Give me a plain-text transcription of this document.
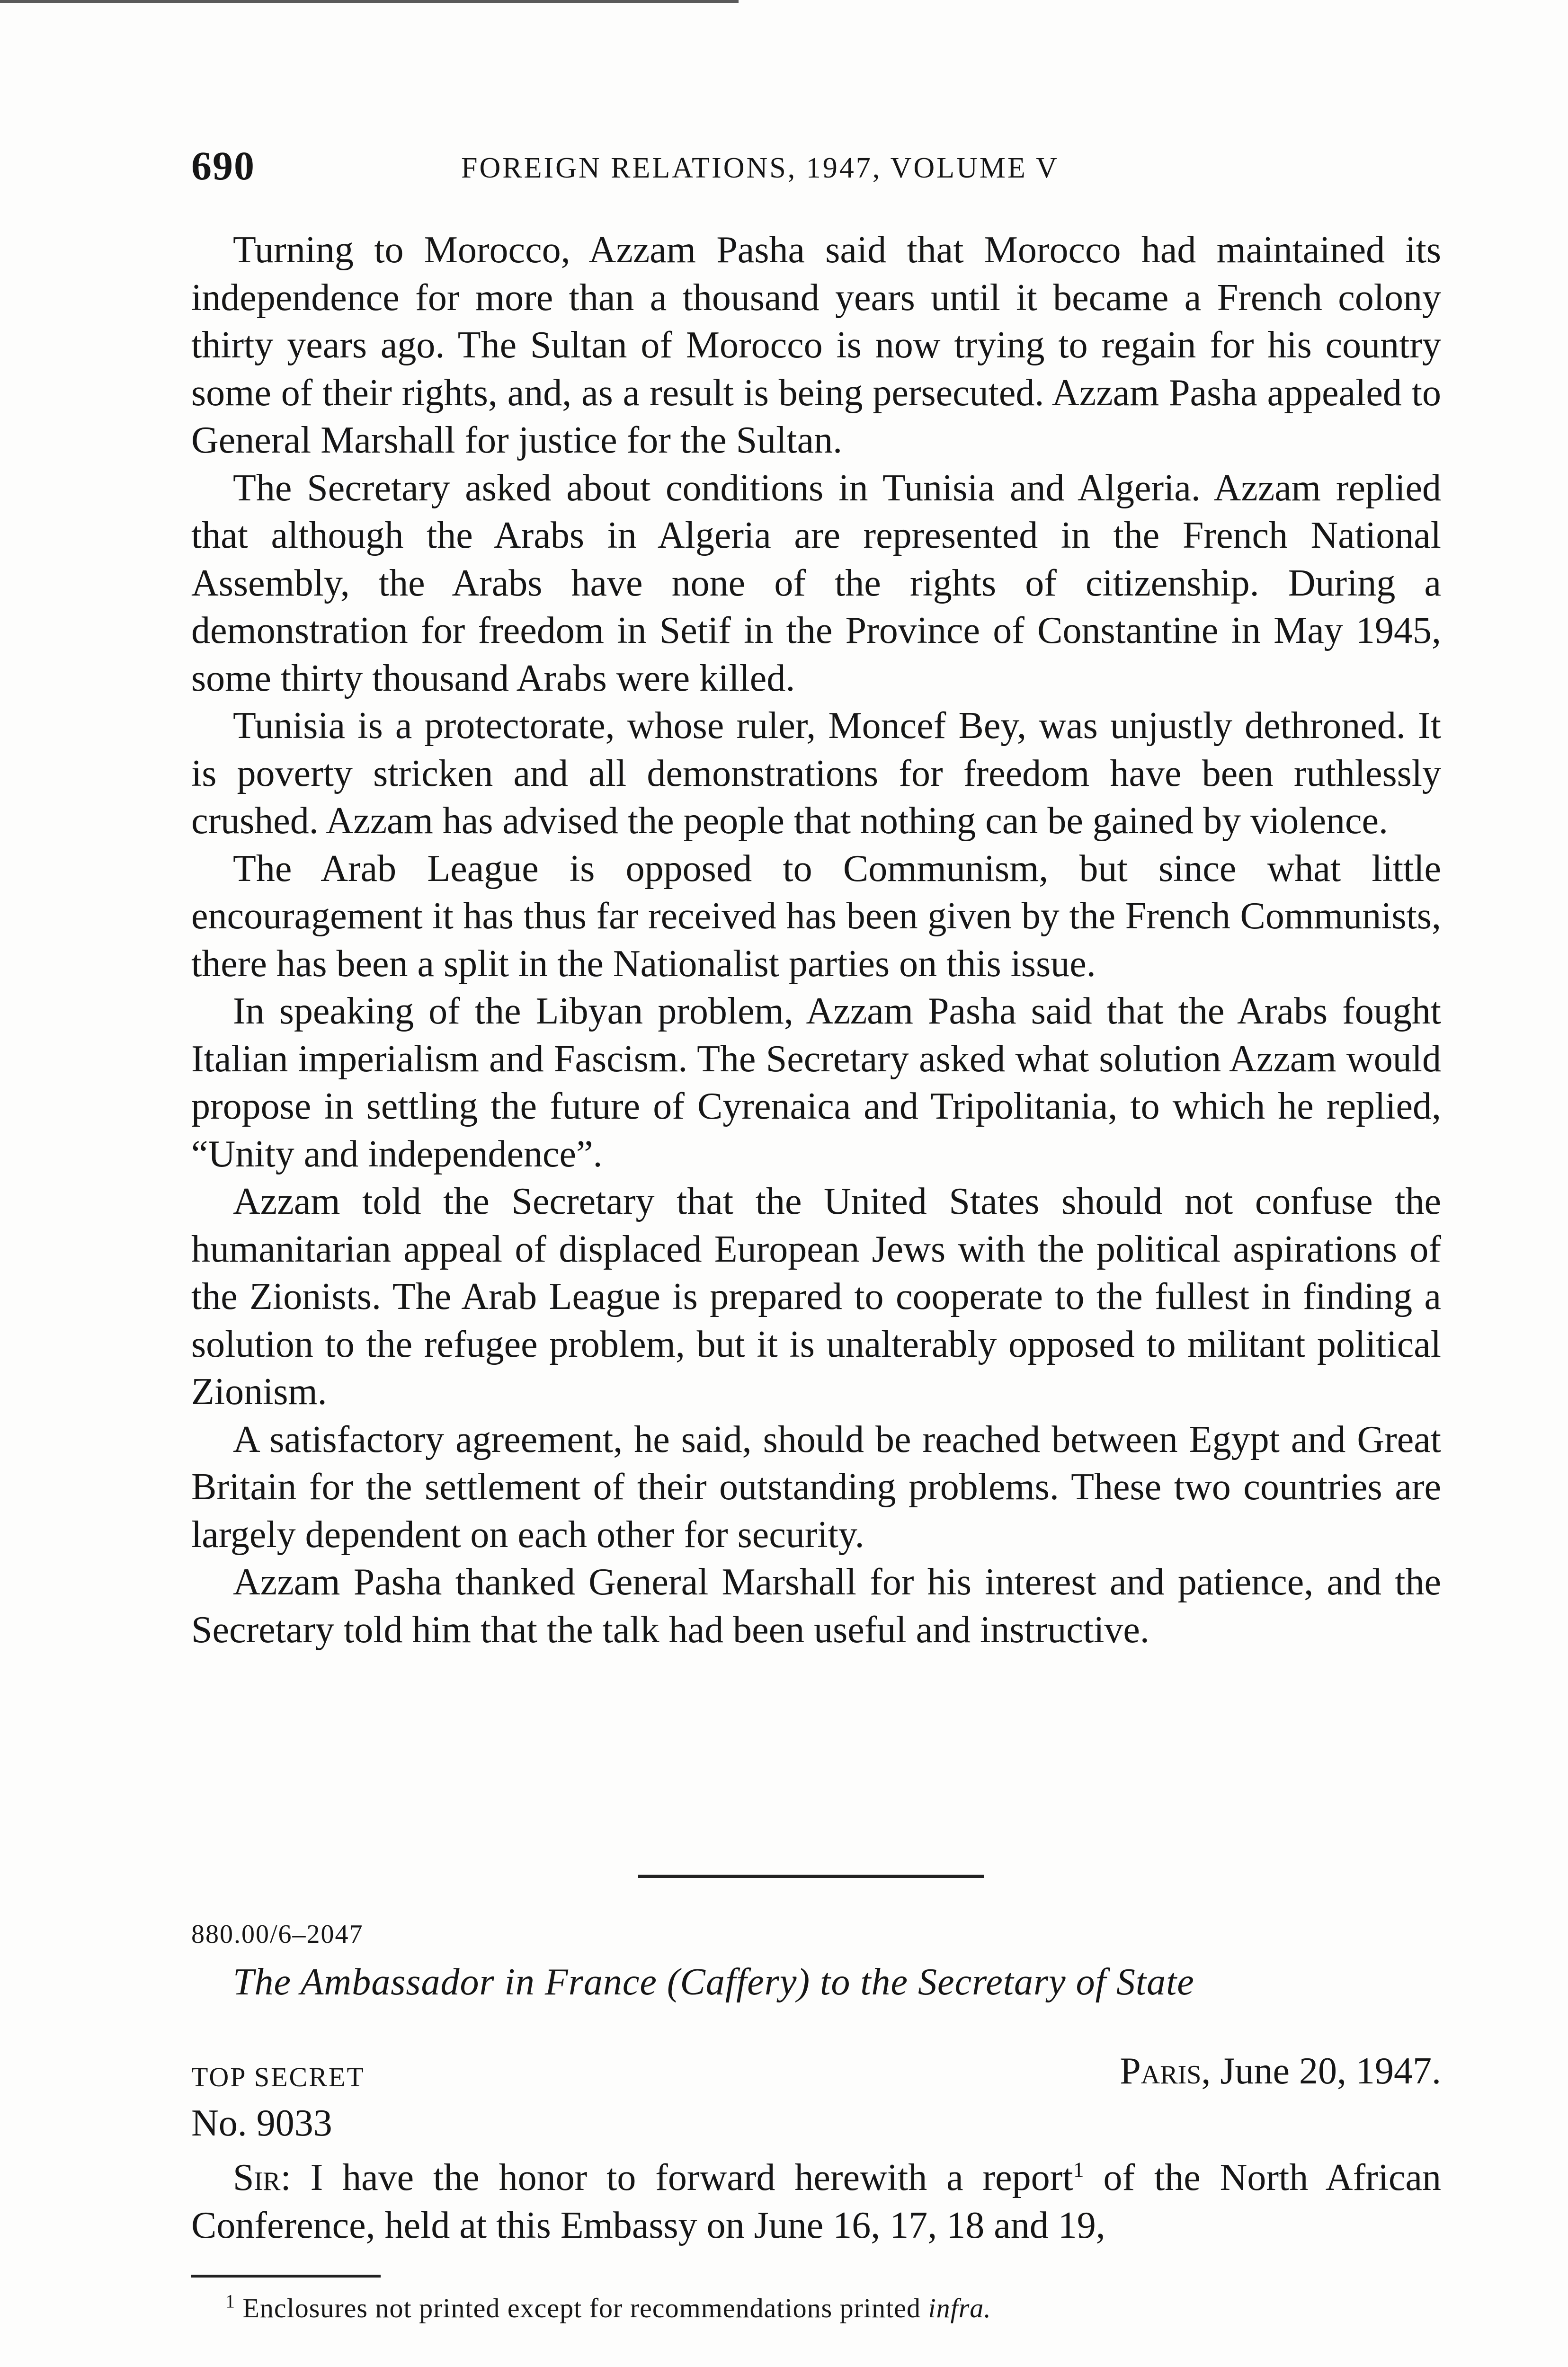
690	FOREIGN RELATIONS, 1947, VOLUME V

Turning to Morocco, Azzam Pasha said that Morocco had maintained its independence for more than a thousand years until it became a French colony thirty years ago. The Sultan of Morocco is now trying to regain for his country some of their rights, and, as a result is being persecuted. Azzam Pasha appealed to General Marshall for justice for the Sultan.

The Secretary asked about conditions in Tunisia and Algeria. Azzam replied that although the Arabs in Algeria are represented in the French National Assembly, the Arabs have none of the rights of citizenship. During a demonstration for freedom in Setif in the Province of Constantine in May 1945, some thirty thousand Arabs were killed.

Tunisia is a protectorate, whose ruler, Moncef Bey, was unjustly dethroned. It is poverty stricken and all demonstrations for freedom have been ruthlessly crushed. Azzam has advised the people that nothing can be gained by violence.

The Arab League is opposed to Communism, but since what little encouragement it has thus far received has been given by the French Communists, there has been a split in the Nationalist parties on this issue.

In speaking of the Libyan problem, Azzam Pasha said that the Arabs fought Italian imperialism and Fascism. The Secretary asked what solution Azzam would propose in settling the future of Cyrenaica and Tripolitania, to which he replied, “Unity and independence”.

Azzam told the Secretary that the United States should not confuse the humanitarian appeal of displaced European Jews with the political aspirations of the Zionists. The Arab League is prepared to cooperate to the fullest in finding a solution to the refugee problem, but it is unalterably opposed to militant political Zionism.

A satisfactory agreement, he said, should be reached between Egypt and Great Britain for the settlement of their outstanding problems. These two countries are largely dependent on each other for security.

Azzam Pasha thanked General Marshall for his interest and patience, and the Secretary told him that the talk had been useful and instructive.

880.00/6–2047
The Ambassador in France (Caffery) to the Secretary of State
TOP SECRET	Paris, June 20, 1947.
No. 9033

Sir: I have the honor to forward herewith a report$^1$ of the North African Conference, held at this Embassy on June 16, 17, 18 and 19,

$^1$ Enclosures not printed except for recommendations printed infra.
